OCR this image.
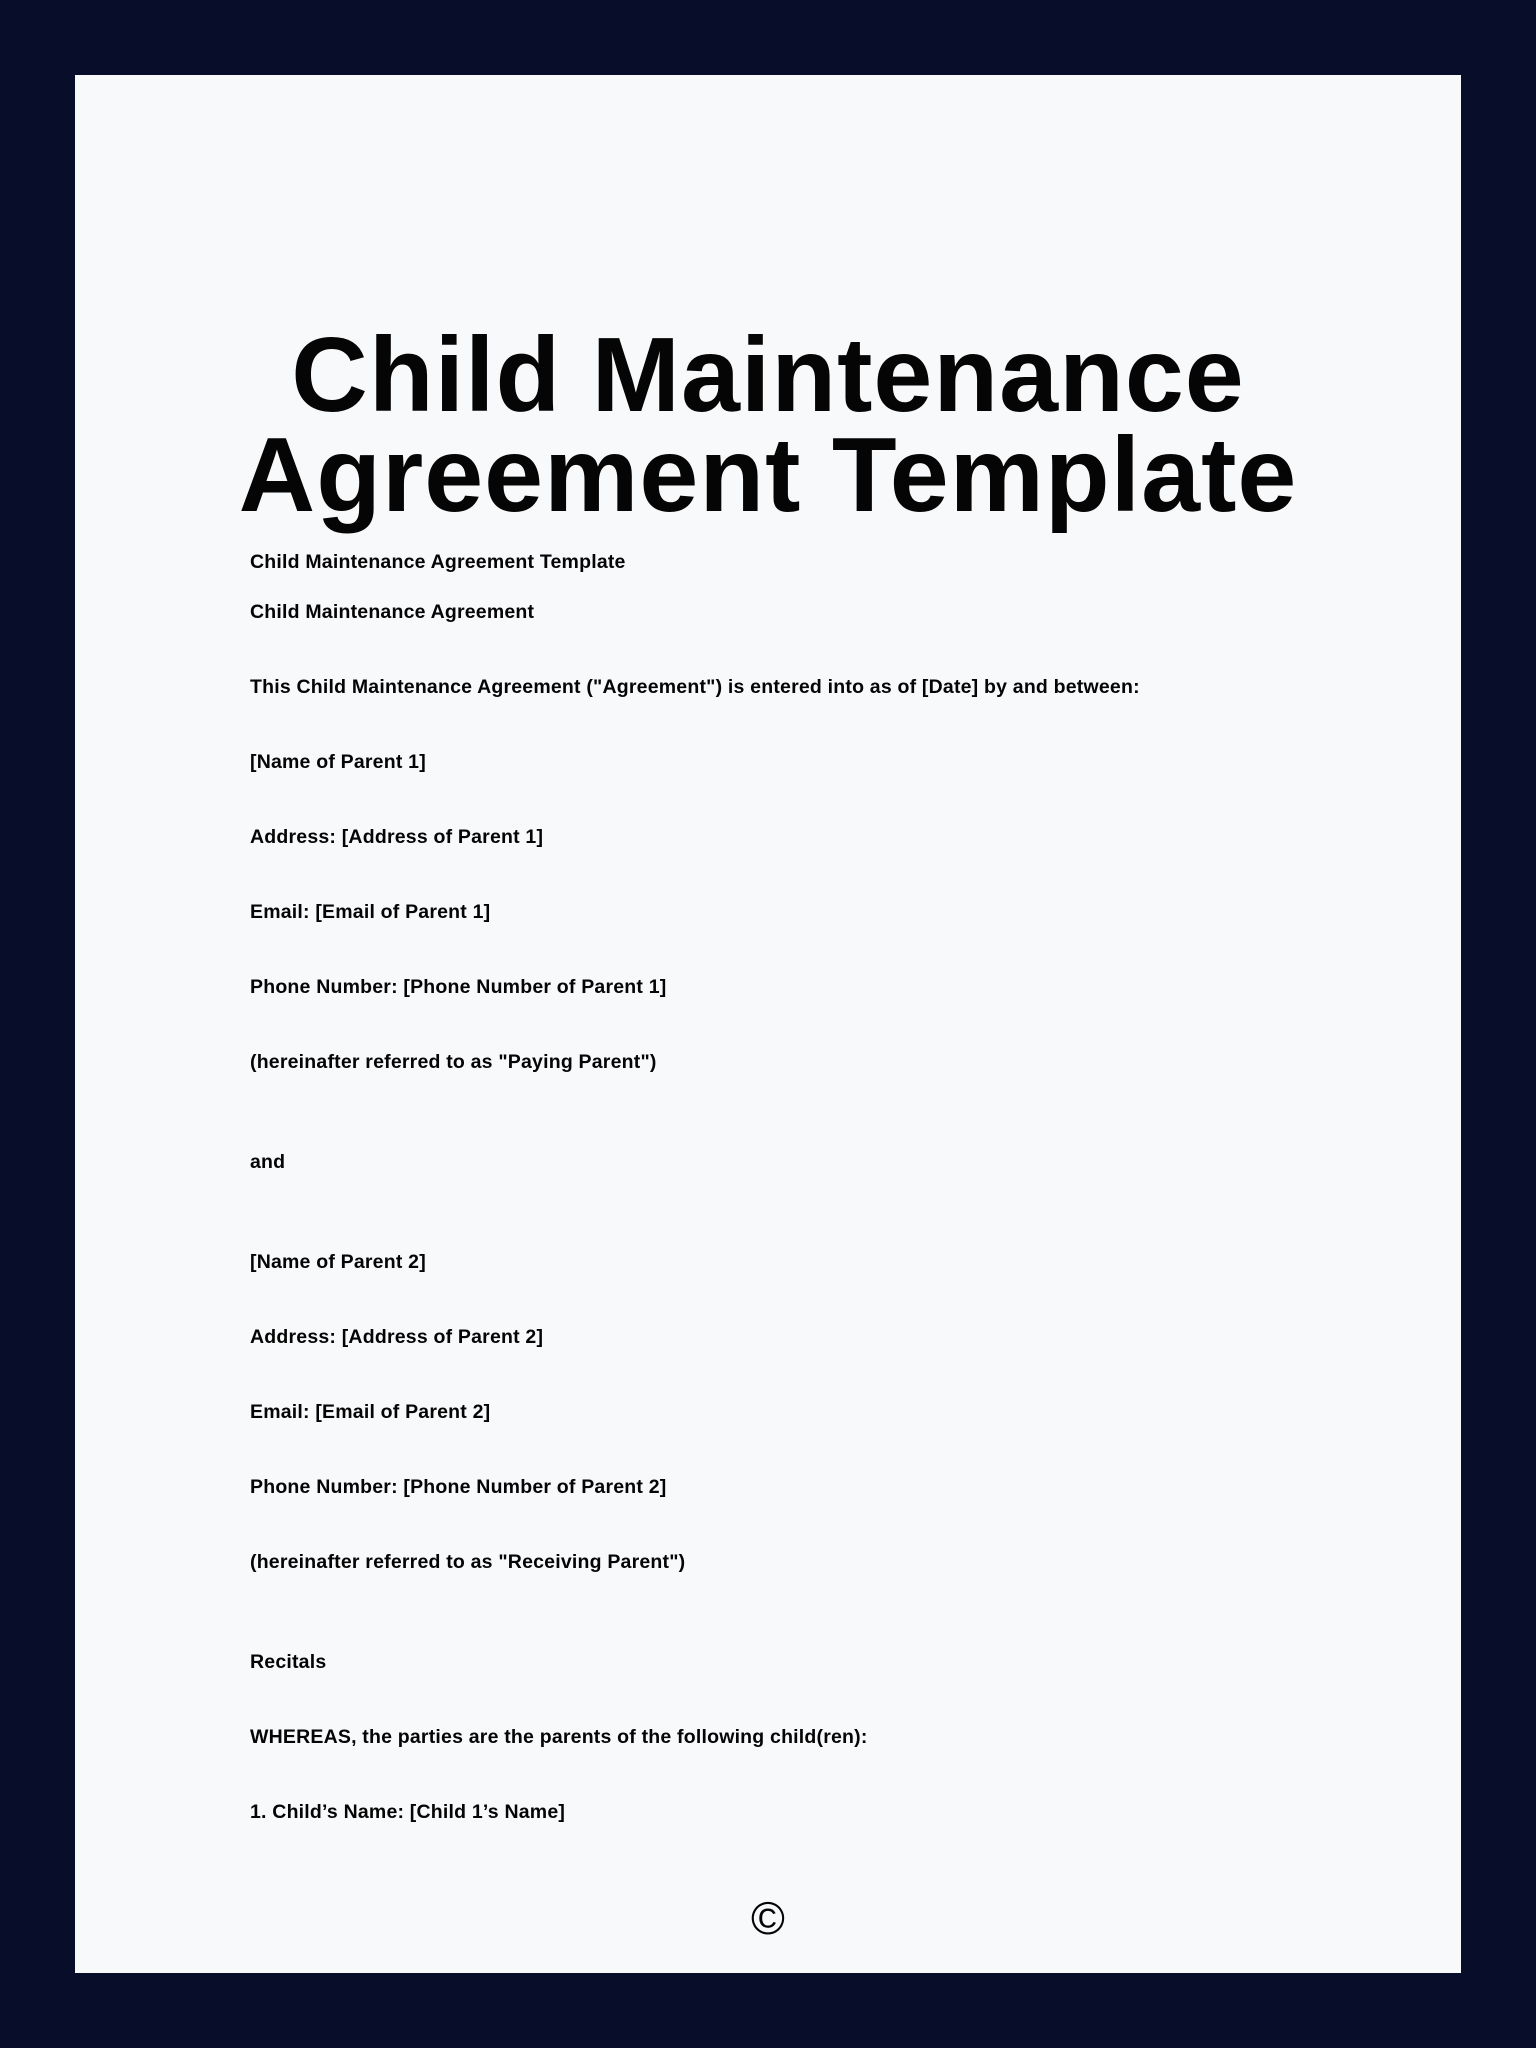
Child Maintenance
Agreement Template

Child Maintenance Agreement Template

Child Maintenance Agreement

This Child Maintenance Agreement ("Agreement") is entered into as of [Date] by and between:

[Name of Parent 1]

Address: [Address of Parent 1]

Email: [Email of Parent 1]

Phone Number: [Phone Number of Parent 1]

(hereinafter referred to as "Paying Parent")

and

[Name of Parent 2]

Address: [Address of Parent 2]

Email: [Email of Parent 2]

Phone Number: [Phone Number of Parent 2]

(hereinafter referred to as "Receiving Parent")

Recitals

WHEREAS, the parties are the parents of the following child(ren):

1. Child’s Name: [Child 1’s Name]

©
